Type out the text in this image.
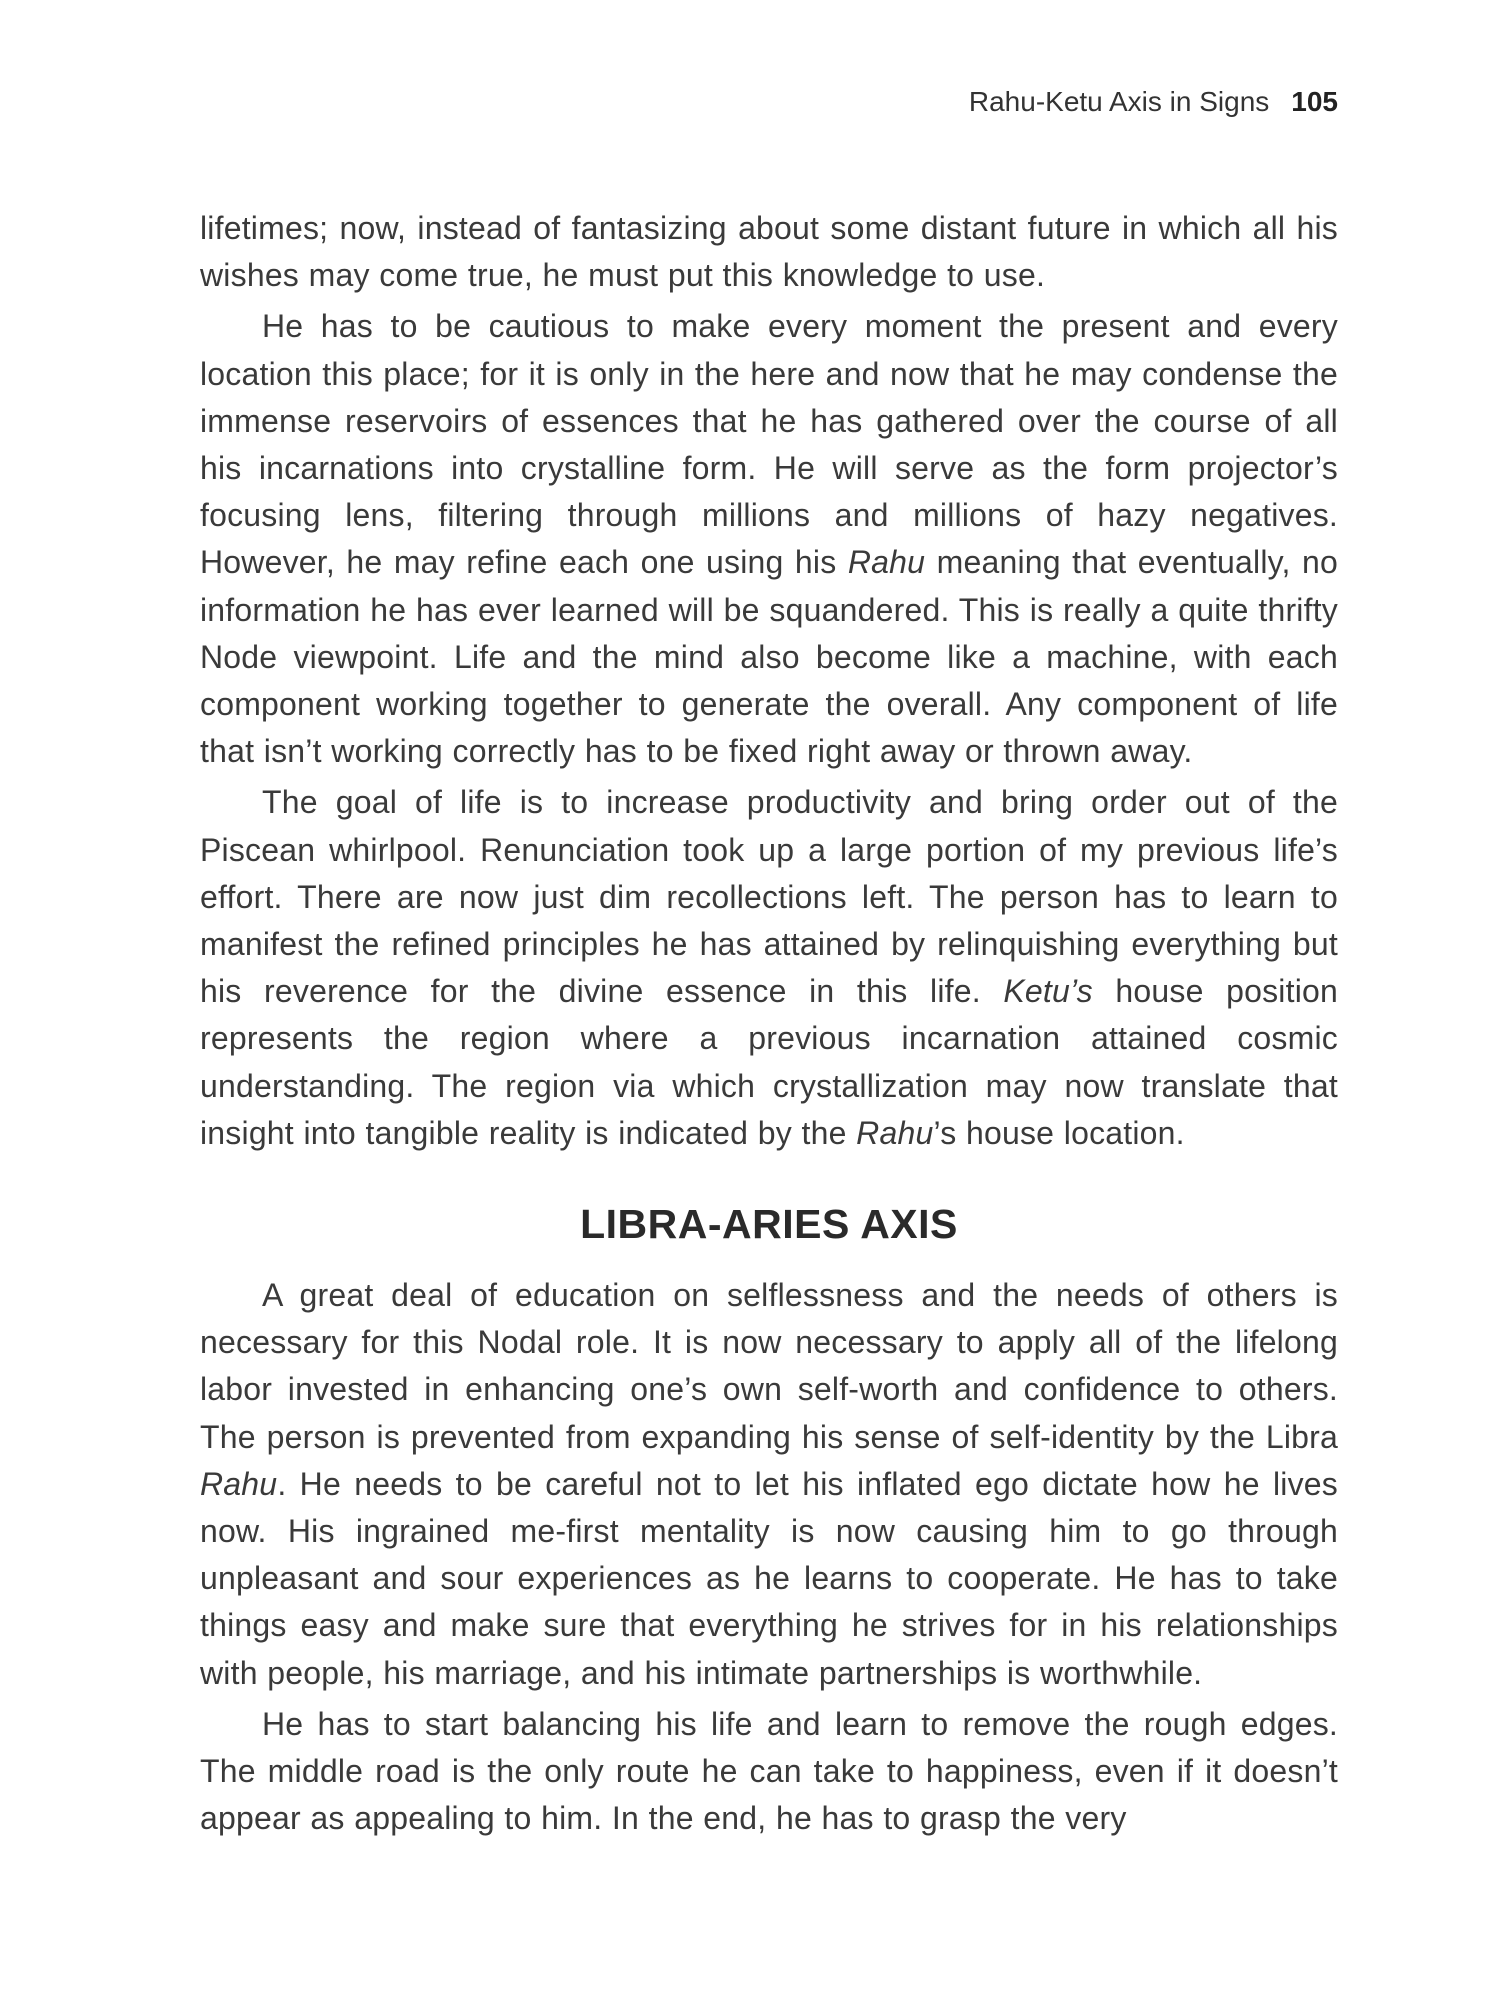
Rahu-Ketu Axis in Signs 105

lifetimes; now, instead of fantasizing about some distant future in which all his wishes may come true, he must put this knowledge to use.

He has to be cautious to make every moment the present and every location this place; for it is only in the here and now that he may condense the immense reservoirs of essences that he has gathered over the course of all his incarnations into crystalline form. He will serve as the form projector’s focusing lens, filtering through millions and millions of hazy negatives. However, he may refine each one using his Rahu meaning that eventually, no information he has ever learned will be squandered. This is really a quite thrifty Node viewpoint. Life and the mind also become like a machine, with each component working together to generate the overall. Any component of life that isn’t working correctly has to be fixed right away or thrown away.

The goal of life is to increase productivity and bring order out of the Piscean whirlpool. Renunciation took up a large portion of my previous life’s effort. There are now just dim recollections left. The person has to learn to manifest the refined principles he has attained by relinquishing everything but his reverence for the divine essence in this life. Ketu’s house position represents the region where a previous incarnation attained cosmic understanding. The region via which crystallization may now translate that insight into tangible reality is indicated by the Rahu’s house location.

LIBRA-ARIES AXIS

A great deal of education on selflessness and the needs of others is necessary for this Nodal role. It is now necessary to apply all of the lifelong labor invested in enhancing one’s own self-worth and confidence to others. The person is prevented from expanding his sense of self-identity by the Libra Rahu. He needs to be careful not to let his inflated ego dictate how he lives now. His ingrained me-first mentality is now causing him to go through unpleasant and sour experiences as he learns to cooperate. He has to take things easy and make sure that everything he strives for in his relationships with people, his marriage, and his intimate partnerships is worthwhile.

He has to start balancing his life and learn to remove the rough edges. The middle road is the only route he can take to happiness, even if it doesn’t appear as appealing to him. In the end, he has to grasp the very
